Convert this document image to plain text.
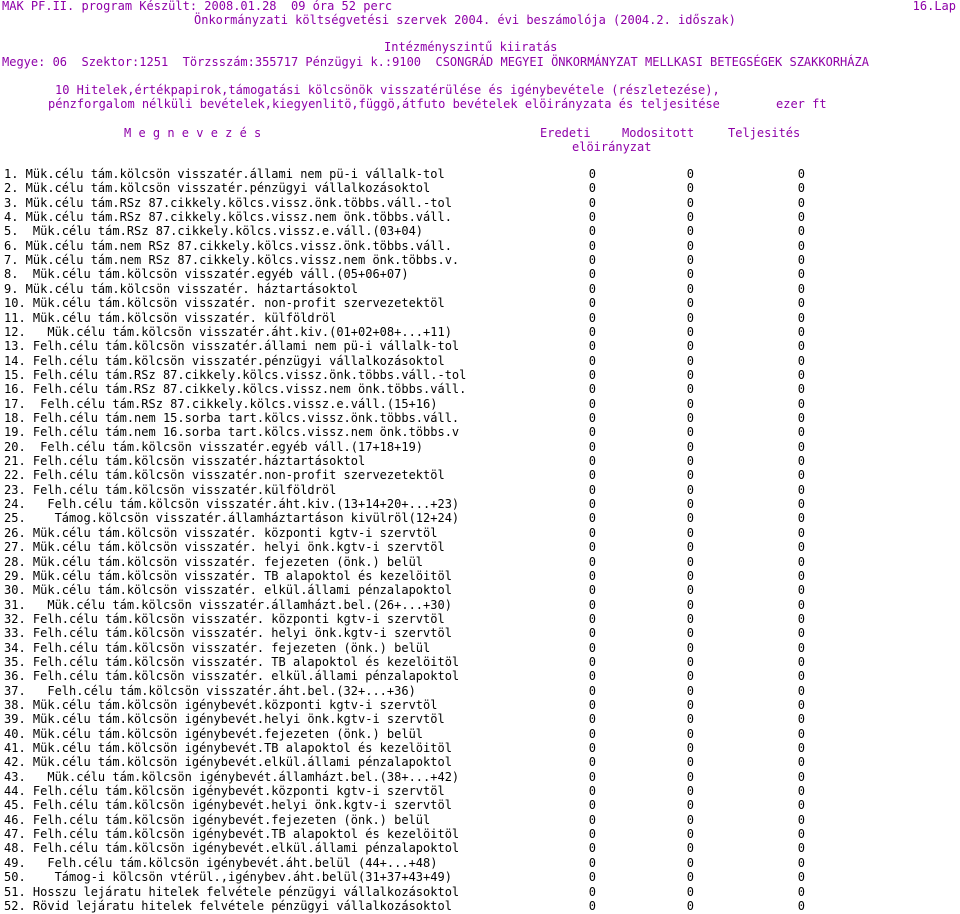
MÁK PF.II. program Készült: 2008.01.28  09 óra 52 perc	16.Lap
Önkormányzati költségvetési szervek 2004. évi beszámolója (2004.2. időszak)
Intézményszintű kiiratás
Megye: 06  Szektor:1251  Törzsszám:355717 Pénzügyi k.:9100  CSONGRÁD MEGYEI ÖNKORMÁNYZAT MELLKASI BETEGSÉGEK SZAKKORHÁZA
10 Hitelek,értékpapirok,támogatási kölcsönök visszatérülése és igénybevétele (részletezése),
pénzforgalom nélküli bevételek,kiegyenlitö,függö,átfuto bevételek elöirányzata és teljesitése	ezer ft
M e g n e v e z é s	Eredeti	Modositott	Teljesités
elöirányzat
1. Mük.célu tám.kölcsön visszatér.állami nem pü-i vállalk-tol	0	0	0
2. Mük.célu tám.kölcsön visszatér.pénzügyi vállalkozásoktol	0	0	0
3. Mük.célu tám.RSz 87.cikkely.kölcs.vissz.önk.többs.váll.-tol	0	0	0
4. Mük.célu tám.RSz 87.cikkely.kölcs.vissz.nem önk.többs.váll.	0	0	0
5.  Mük.célu tám.RSz 87.cikkely.kölcs.vissz.e.váll.(03+04)	0	0	0
6. Mük.célu tám.nem RSz 87.cikkely.kölcs.vissz.önk.többs.váll.	0	0	0
7. Mük.célu tám.nem RSz 87.cikkely.kölcs.vissz.nem önk.többs.v.	0	0	0
8.  Mük.célu tám.kölcsön visszatér.egyéb váll.(05+06+07)	0	0	0
9. Mük.célu tám.kölcsön visszatér. háztartásoktol	0	0	0
10. Mük.célu tám.kölcsön visszatér. non-profit szervezetektöl	0	0	0
11. Mük.célu tám.kölcsön visszatér. külföldröl	0	0	0
12.   Mük.célu tám.kölcsön visszatér.áht.kiv.(01+02+08+...+11)	0	0	0
13. Felh.célu tám.kölcsön visszatér.állami nem pü-i vállalk-tol	0	0	0
14. Felh.célu tám.kölcsön visszatér.pénzügyi vállalkozásoktol	0	0	0
15. Felh.célu tám.RSz 87.cikkely.kölcs.vissz.önk.többs.váll.-tol	0	0	0
16. Felh.célu tám.RSz 87.cikkely.kölcs.vissz.nem önk.többs.váll.	0	0	0
17.  Felh.célu tám.RSz 87.cikkely.kölcs.vissz.e.váll.(15+16)	0	0	0
18. Felh.célu tám.nem 15.sorba tart.kölcs.vissz.önk.többs.váll.	0	0	0
19. Felh.célu tám.nem 16.sorba tart.kölcs.vissz.nem önk.többs.v	0	0	0
20.  Felh.célu tám.kölcsön visszatér.egyéb váll.(17+18+19)	0	0	0
21. Felh.célu tám.kölcsön visszatér.háztartásoktol	0	0	0
22. Felh.célu tám.kölcsön visszatér.non-profit szervezetektöl	0	0	0
23. Felh.célu tám.kölcsön visszatér.külföldröl	0	0	0
24.   Felh.célu tám.kölcsön visszatér.áht.kiv.(13+14+20+...+23)	0	0	0
25.    Támog.kölcsön visszatér.államháztartáson kivülröl(12+24)	0	0	0
26. Mük.célu tám.kölcsön visszatér. központi kgtv-i szervtöl	0	0	0
27. Mük.célu tám.kölcsön visszatér. helyi önk.kgtv-i szervtöl	0	0	0
28. Mük.célu tám.kölcsön visszatér. fejezeten (önk.) belül	0	0	0
29. Mük.célu tám.kölcsön visszatér. TB alapoktol és kezelöitöl	0	0	0
30. Mük.célu tám.kölcsön visszatér. elkül.állami pénzalapoktol	0	0	0
31.   Mük.célu tám.kölcsön visszatér.államházt.bel.(26+...+30)	0	0	0
32. Felh.célu tám.kölcsön visszatér. központi kgtv-i szervtöl	0	0	0
33. Felh.célu tám.kölcsön visszatér. helyi önk.kgtv-i szervtöl	0	0	0
34. Felh.célu tám.kölcsön visszatér. fejezeten (önk.) belül	0	0	0
35. Felh.célu tám.kölcsön visszatér. TB alapoktol és kezelöitöl	0	0	0
36. Felh.célu tám.kölcsön visszatér. elkül.állami pénzalapoktol	0	0	0
37.   Felh.célu tám.kölcsön visszatér.áht.bel.(32+...+36)	0	0	0
38. Mük.célu tám.kölcsön igénybevét.központi kgtv-i szervtöl	0	0	0
39. Mük.célu tám.kölcsön igénybevét.helyi önk.kgtv-i szervtöl	0	0	0
40. Mük.célu tám.kölcsön igénybevét.fejezeten (önk.) belül	0	0	0
41. Mük.célu tám.kölcsön igénybevét.TB alapoktol és kezelöitöl	0	0	0
42. Mük.célu tám.kölcsön igénybevét.elkül.állami pénzalapoktol	0	0	0
43.   Mük.célu tám.kölcsön igénybevét.államházt.bel.(38+...+42)	0	0	0
44. Felh.célu tám.kölcsön igénybevét.központi kgtv-i szervtöl	0	0	0
45. Felh.célu tám.kölcsön igénybevét.helyi önk.kgtv-i szervtöl	0	0	0
46. Felh.célu tám.kölcsön igénybevét.fejezeten (önk.) belül	0	0	0
47. Felh.célu tám.kölcsön igénybevét.TB alapoktol és kezelöitöl	0	0	0
48. Felh.célu tám.kölcsön igénybevét.elkül.állami pénzalapoktol	0	0	0
49.   Felh.célu tám.kölcsön igénybevét.áht.belül (44+...+48)	0	0	0
50.    Támog-i kölcsön vtérül.,igénybev.áht.belül(31+37+43+49)	0	0	0
51. Hosszu lejáratu hitelek felvétele pénzügyi vállalkozásoktol	0	0	0
52. Rövid lejáratu hitelek felvétele pénzügyi vállalkozásoktol	0	0	0
